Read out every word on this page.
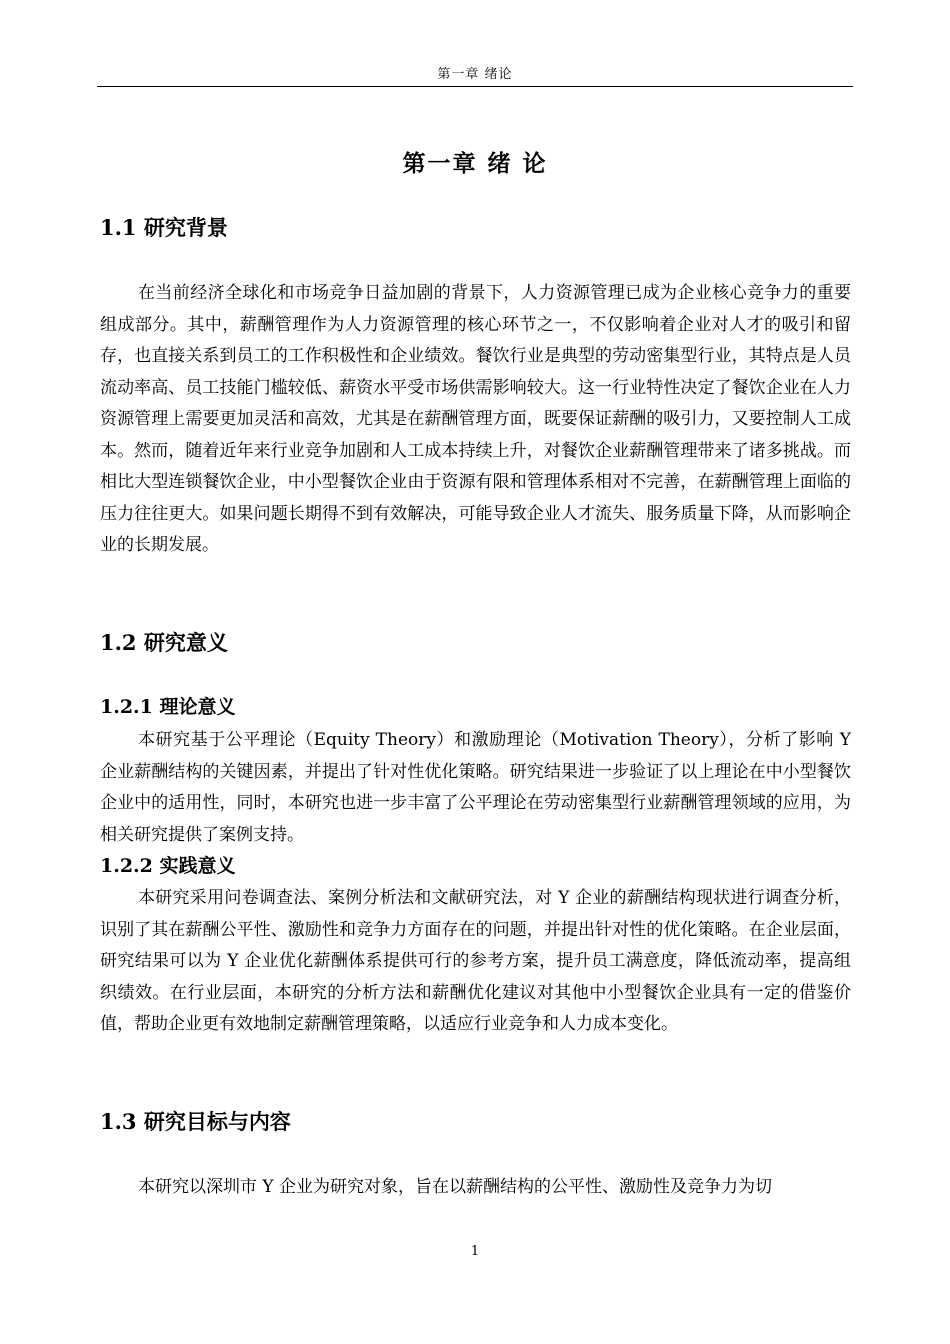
第一章 绪论
第一章 绪 论
1.1 研究背景

在当前经济全球化和市场竞争日益加剧的背景下，人力资源管理已成为企业核心竞争力的重要组成部分。其中，薪酬管理作为人力资源管理的核心环节之一，不仅影响着企业对人才的吸引和留存，也直接关系到员工的工作积极性和企业绩效。餐饮行业是典型的劳动密集型行业，其特点是人员流动率高、员工技能门槛较低、薪资水平受市场供需影响较大。这一行业特性决定了餐饮企业在人力资源管理上需要更加灵活和高效，尤其是在薪酬管理方面，既要保证薪酬的吸引力，又要控制人工成本。然而，随着近年来行业竞争加剧和人工成本持续上升，对餐饮企业薪酬管理带来了诸多挑战。而相比大型连锁餐饮企业，中小型餐饮企业由于资源有限和管理体系相对不完善，在薪酬管理上面临的压力往往更大。如果问题长期得不到有效解决，可能导致企业人才流失、服务质量下降，从而影响企业的长期发展。

1.2 研究意义
1.2.1 理论意义

本研究基于公平理论（Equity Theory）和激励理论（Motivation Theory），分析了影响 Y 企业薪酬结构的关键因素，并提出了针对性优化策略。研究结果进一步验证了以上理论在中小型餐饮企业中的适用性，同时，本研究也进一步丰富了公平理论在劳动密集型行业薪酬管理领域的应用，为相关研究提供了案例支持。

1.2.2 实践意义

本研究采用问卷调查法、案例分析法和文献研究法，对 Y 企业的薪酬结构现状进行调查分析，识别了其在薪酬公平性、激励性和竞争力方面存在的问题，并提出针对性的优化策略。在企业层面，研究结果可以为 Y 企业优化薪酬体系提供可行的参考方案，提升员工满意度，降低流动率，提高组织绩效。在行业层面，本研究的分析方法和薪酬优化建议对其他中小型餐饮企业具有一定的借鉴价值，帮助企业更有效地制定薪酬管理策略，以适应行业竞争和人力成本变化。

1.3 研究目标与内容

本研究以深圳市 Y 企业为研究对象，旨在以薪酬结构的公平性、激励性及竞争力为切

1
